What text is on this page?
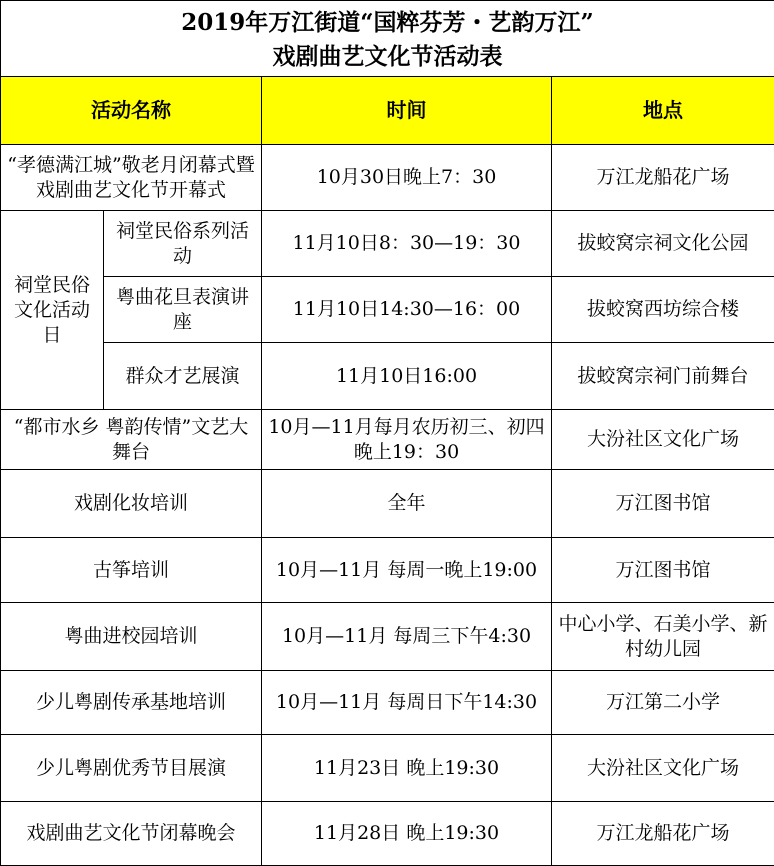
2019年万江街道“国粹芬芳・艺韵万江”
戏剧曲艺文化节活动表			

活动名称		时间	地点
“孝德满江城”敬老月闭幕式暨戏剧曲艺文化节开幕式		10月30日晚上7：30	万江龙船花广场
祠堂民俗文化活动日	祠堂民俗系列活动	11月10日8：30—19：30	拔蛟窝宗祠文化公园
	粤曲花旦表演讲座	11月10日14:30—16：00	拔蛟窝西坊综合楼
	群众才艺展演	11月10日16:00	拔蛟窝宗祠门前舞台
“都市水乡 粤韵传情”文艺大舞台		10月—11月每月农历初三、初四晚上19：30	大汾社区文化广场
戏剧化妆培训		全年	万江图书馆
古筝培训		10月—11月 每周一晚上19:00	万江图书馆
粤曲进校园培训		10月—11月 每周三下午4:30	中心小学、石美小学、新村幼儿园
少儿粤剧传承基地培训		10月—11月 每周日下午14:30	万江第二小学
少儿粤剧优秀节目展演		11月23日 晚上19:30	大汾社区文化广场
戏剧曲艺文化节闭幕晚会		11月28日 晚上19:30	万江龙船花广场
